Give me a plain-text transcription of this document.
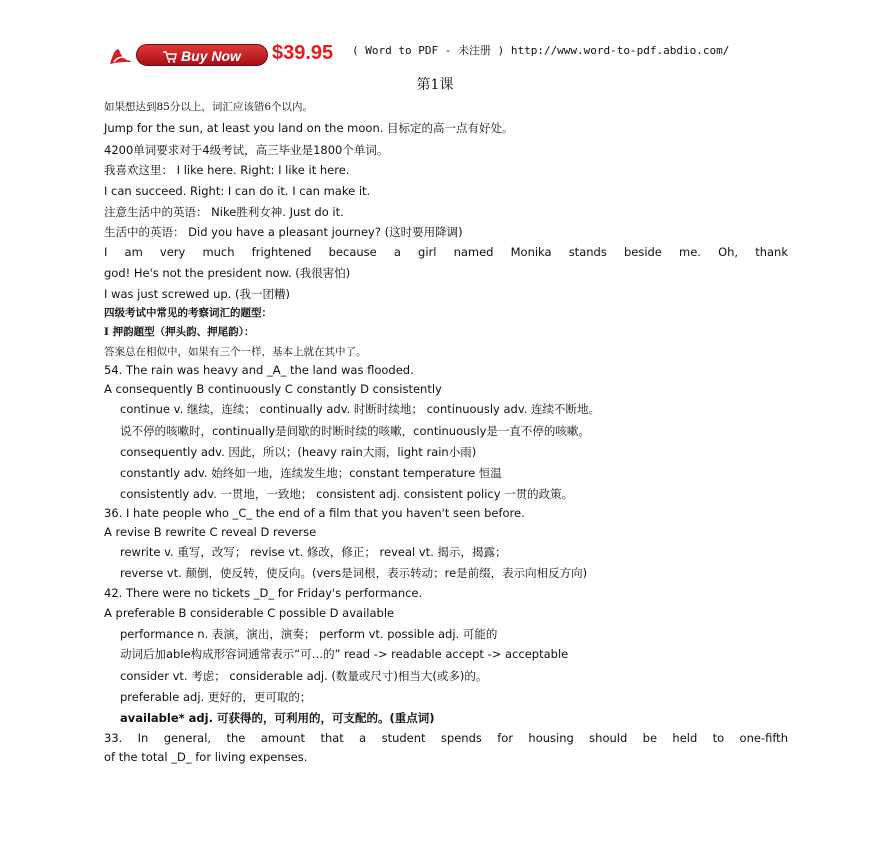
Buy Now	$39.95 ( Word to PDF - 未注册 ) http://www.word-to-pdf.abdio.com/
第1课
如果想达到85分以上，词汇应该错6个以内。
Jump for the sun, at least you land on the moon. 目标定的高一点有好处。
4200单词要求对于4级考试，高三毕业是1800个单词。
我喜欢这里： I like here. Right: I like it here.
I can succeed. Right: I can do it. I can make it.
注意生活中的英语： Nike胜利女神. Just do it.
生活中的英语： Did you have a pleasant journey? (这时要用降调)
I am very much frightened because a girl named Monika stands beside me. Oh, thank
god! He's not the president now. (我很害怕)
I was just screwed up. (我一团糟)
四级考试中常见的考察词汇的题型：
I 押韵题型（押头韵、押尾韵）：
答案总在相似中，如果有三个一样，基本上就在其中了。
54. The rain was heavy and _A_ the land was flooded.
A consequently B continuously C constantly D consistently
continue v. 继续，连续； continually adv. 时断时续地； continuously adv. 连续不断地。
说不停的咳嗽时，continually是间歇的时断时续的咳嗽，continuously是一直不停的咳嗽。
consequently adv. 因此，所以；(heavy rain大雨，light rain小雨)
constantly adv. 始终如一地，连续发生地；constant temperature 恒温
consistently adv. 一贯地，一致地； consistent adj. consistent policy 一贯的政策。
36. I hate people who _C_ the end of a film that you haven't seen before.
A revise B rewrite C reveal D reverse
rewrite v. 重写，改写； revise vt. 修改，修正； reveal vt. 揭示，揭露；
reverse vt. 颠倒，使反转，使反向。(vers是词根，表示转动；re是前缀，表示向相反方向)
42. There were no tickets _D_ for Friday's performance.
A preferable B considerable C possible D available
performance n. 表演，演出，演奏； perform vt. possible adj. 可能的
动词后加able构成形容词通常表示“可…的” read -> readable accept -> acceptable
consider vt. 考虑； considerable adj. (数量或尺寸)相当大(或多)的。
preferable adj. 更好的，更可取的；
available* adj. 可获得的，可利用的，可支配的。(重点词)
33. In general, the amount that a student spends for housing should be held to one-fifth
of the total _D_ for living expenses.
